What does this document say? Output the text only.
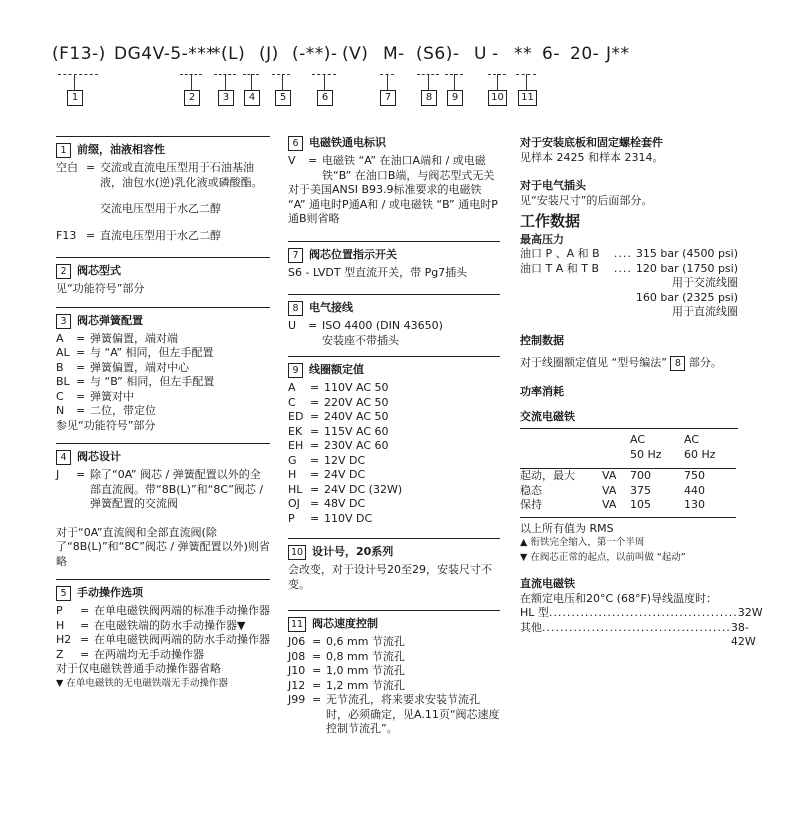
(F13-) DG4V-5-***
*(L) (J) (-**)- (V) M- (S6)- U - ** 6- 20- J**
1	2	3	4	5	6	7	8	9	10	11
1 前缀，油液相容性
空白 = 交流或直流电压型用于石油基油液，油包水(逆)乳化液或磷酸酯。
交流电压型用于水乙二醇
F13 = 直流电压型用于水乙二醇
2 阀芯型式

见“功能符号”部分

3 阀芯弹簧配置
A	= 弹簧偏置，端对端
AL = 与 “A” 相同，但左手配置
B	= 弹簧偏置，端对中心
BL = 与 “B” 相同，但左手配置
C	= 弹簧对中
N	= 二位，带定位

参见“功能符号”部分

4 阀芯设计
J	= 除了“0A” 阀芯 / 弹簧配置以外的全部直流阀。带“8B(L)”和“8C”阀芯 / 弹簧配置的交流阀

对于“0A”直流阀和全部直流阀(除了“8B(L)”和“8C”阀芯 / 弹簧配置以外)则省略

5 手动操作选项
P	= 在单电磁铁阀两端的标准手动操作器
H	= 在电磁铁端的防水手动操作器▼
H2 = 在单电磁铁阀两端的防水手动操作器
Z	= 在两端均无手动操作器

对于仅电磁铁普通手动操作器省略

▼ 在单电磁铁的无电磁铁端无手动操作器

6 电磁铁通电标识
V	= 电磁铁 “A” 在油口A端和 / 或电磁铁“B” 在油口B端，与阀芯型式无关

对于美国ANSI B93.9标准要求的电磁铁 “A” 通电时P通A和 / 或电磁铁 “B” 通电时P通B则省略

7 阀芯位置指示开关

S6 - LVDT 型直流开关，带 Pg7插头

8 电气接线
U	= ISO 4400 (DIN 43650)

安装座不带插头

9 线圈额定值
A	= 110V AC 50
C	= 220V AC 50
ED = 240V AC 50
EK = 115V AC 60
EH = 230V AC 60
G	= 12V DC
H	= 24V DC
HL = 24V DC (32W)
OJ = 48V DC
P	= 110V DC
10 设计号，20系列

会改变，对于设计号20至29，安装尺寸不变。

11 阀芯速度控制
J06 = 0,6 mm 节流孔
J08 = 0,8 mm 节流孔
J10 = 1,0 mm 节流孔
J12 = 1,2 mm 节流孔
J99 = 无节流孔，将来要求安装节流孔时，必须确定，见A.11页“阀芯速度控制节流孔”。
对于安装底板和固定螺栓套件

见样本 2425 和样本 2314。

对于电气插头

见“安装尺寸”的后面部分。

工作数据
最高压力
油口 P 、A 和 B	.... 315 bar (4500 psi)
油口 T A 和 T B	.... 120 bar (1750 psi)
用于交流线圈
160 bar (2325 psi)
用于直流线圈
控制数据

对于线圈额定值见 “型号编法” 8 部分。

功率消耗
交流电磁铁
		AC	AC
		50 Hz	60 Hz

起动，最大	VA	700	750
稳态	VA	375	440
保持	VA	105	130

以上所有值为 RMS

▲ 衔铁完全缩入，第一个半周

▼ 在阀芯正常的起点，以前叫做 “起动”

直流电磁铁

在额定电压和20°C (68°F)导线温度时：

HL 型 .......................................... 32W
其他 .......................................... 38-42W
